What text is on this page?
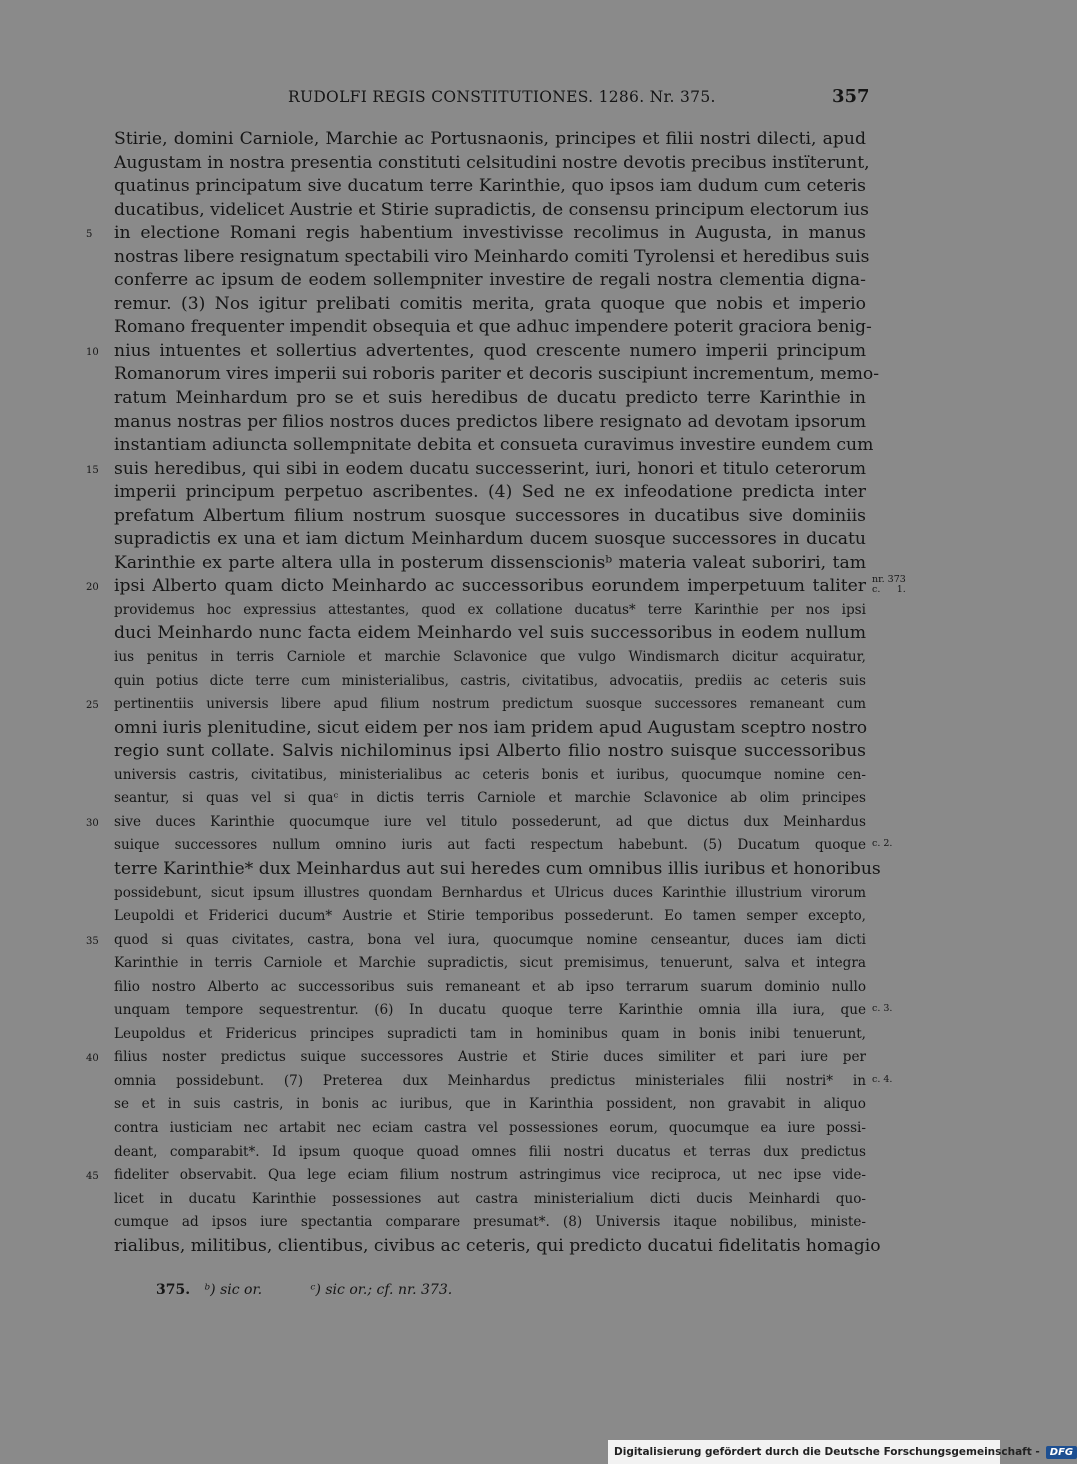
RUDOLFI REGIS CONSTITUTIONES. 1286. Nr. 375.	357
Stirie, domini Carniole, Marchie ac Portusnaonis, principes et filii nostri dilecti, apud
Augustam in nostra presentia constituti celsitudini nostre devotis precibus instïterunt,
quatinus principatum sive ducatum terre Karinthie, quo ipsos iam dudum cum ceteris
ducatibus, videlicet Austrie et Stirie supradictis, de consensu principum electorum ius
in electione Romani regis habentium investivisse recolimus in Augusta, in manus
5
nostras libere resignatum spectabili viro Meinhardo comiti Tyrolensi et heredibus suis
conferre ac ipsum de eodem sollempniter investire de regali nostra clementia digna-
remur. (3) Nos igitur prelibati comitis merita, grata quoque que nobis et imperio
Romano frequenter impendit obsequia et que adhuc impendere poterit graciora benig-
nius intuentes et sollertius advertentes, quod crescente numero imperii principum
10
Romanorum vires imperii sui roboris pariter et decoris suscipiunt incrementum, memo-
ratum Meinhardum pro se et suis heredibus de ducatu predicto terre Karinthie in
manus nostras per filios nostros duces predictos libere resignato ad devotam ipsorum
instantiam adiuncta sollempnitate debita et consueta curavimus investire eundem cum
suis heredibus, qui sibi in eodem ducatu successerint, iuri, honori et titulo ceterorum
15
imperii principum perpetuo ascribentes. (4) Sed ne ex infeodatione predicta inter
prefatum Albertum filium nostrum suosque successores in ducatibus sive dominiis
supradictis ex una et iam dictum Meinhardum ducem suosque successores in ducatu
Karinthie ex parte altera ulla in posterum dissenscionisᵇ materia valeat suboriri, tam
ipsi Alberto quam dicto Meinhardo ac successoribus eorundem imperpetuum taliter
20
nr. 373
c. 1.
providemus hoc expressius attestantes, quod ex collatione ducatus* terre Karinthie per nos ipsi
duci Meinhardo nunc facta eidem Meinhardo vel suis successoribus in eodem nullum
ius penitus in terris Carniole et marchie Sclavonice que vulgo Windismarch dicitur acquiratur,
quin potius dicte terre cum ministerialibus, castris, civitatibus, advocatiis, prediis ac ceteris suis
pertinentiis universis libere apud filium nostrum predictum suosque successores remaneant cum
25
omni iuris plenitudine, sicut eidem per nos iam pridem apud Augustam sceptro nostro
regio sunt collate. Salvis nichilominus ipsi Alberto filio nostro suisque successoribus
universis castris, civitatibus, ministerialibus ac ceteris bonis et iuribus, quocumque nomine cen-
seantur, si quas vel si quaᶜ in dictis terris Carniole et marchie Sclavonice ab olim principes
sive duces Karinthie quocumque iure vel titulo possederunt, ad que dictus dux Meinhardus
30
suique successores nullum omnino iuris aut facti respectum habebunt. (5) Ducatum quoque c. 2.
terre Karinthie* dux Meinhardus aut sui heredes cum omnibus illis iuribus et honoribus
possidebunt, sicut ipsum illustres quondam Bernhardus et Ulricus duces Karinthie illustrium virorum
Leupoldi et Friderici ducum* Austrie et Stirie temporibus possederunt. Eo tamen semper excepto,
quod si quas civitates, castra, bona vel iura, quocumque nomine censeantur, duces iam dicti
35
Karinthie in terris Carniole et Marchie supradictis, sicut premisimus, tenuerunt, salva et integra
filio nostro Alberto ac successoribus suis remaneant et ab ipso terrarum suarum dominio nullo
unquam tempore sequestrentur. (6) In ducatu quoque terre Karinthie omnia illa iura, que c. 3.
Leupoldus et Fridericus principes supradicti tam in hominibus quam in bonis inibi tenuerunt,
filius noster predictus suique successores Austrie et Stirie duces similiter et pari iure per
40
omnia possidebunt. (7) Preterea dux Meinhardus predictus ministeriales filii nostri* in c. 4.
se et in suis castris, in bonis ac iuribus, que in Karinthia possident, non gravabit in aliquo
contra iusticiam nec artabit nec eciam castra vel possessiones eorum, quocumque ea iure possi-
deant, comparabit*. Id ipsum quoque quoad omnes filii nostri ducatus et terras dux predictus
fideliter observabit. Qua lege eciam filium nostrum astringimus vice reciproca, ut nec ipse vide-
45
licet in ducatu Karinthie possessiones aut castra ministerialium dicti ducis Meinhardi quo-
cumque ad ipsos iure spectantia comparare presumat*. (8) Universis itaque nobilibus, ministe-
rialibus, militibus, clientibus, civibus ac ceteris, qui predicto ducatui fidelitatis homagio
375. ᵇ) sic or.	ᶜ) sic or.; cf. nr. 373.
Digitalisierung gefördert durch die Deutsche Forschungsgemeinschaft -	DFG
